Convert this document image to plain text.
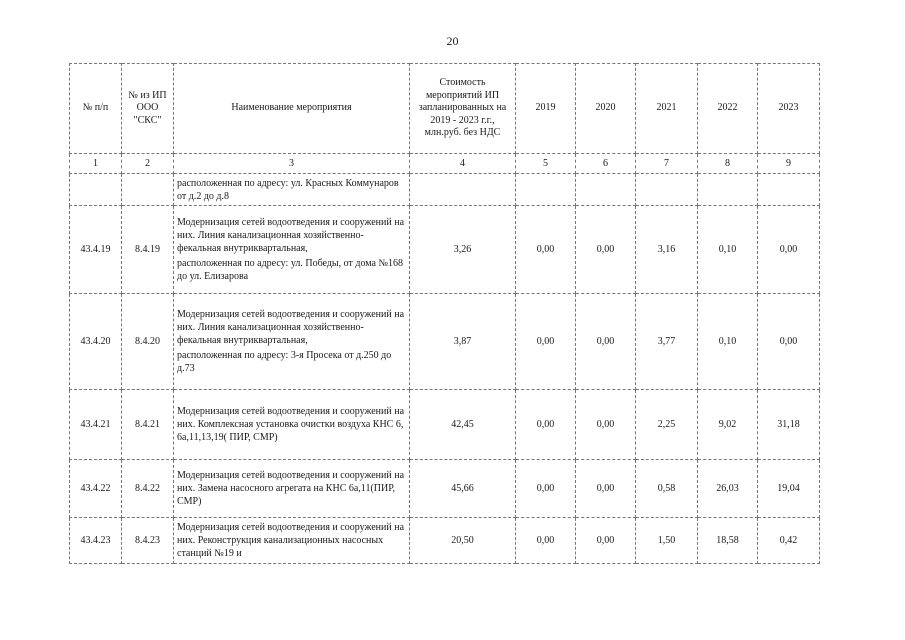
20
№ п/п	№ из ИП ООО "СКС"	Наименование мероприятия	Стоимость мероприятий ИП запланированных на 2019 - 2023 г.г., млн.руб. без НДС	2019	2020	2021	2022	2023
1	2	3	4	5	6	7	8	9
		расположенная по адресу: ул. Красных Коммунаров от д.2 до д.8						
43.4.19	8.4.19	Модернизация сетей водоотведения и сооружений на них. Линия канализационная хозяйственно-фекальная внутриквартальная,
расположенная по адресу: ул. Победы, от дома №168 до ул. Елизарова	3,26	0,00	0,00	3,16	0,10	0,00
43.4.20	8.4.20	Модернизация сетей водоотведения и сооружений на них. Линия канализационная хозяйственно-фекальная внутриквартальная,
расположенная по адресу: 3-я Просека от д.250 до д.73	3,87	0,00	0,00	3,77	0,10	0,00
43.4.21	8.4.21	Модернизация сетей водоотведения и сооружений на них. Комплексная установка очистки воздуха КНС 6, 6а,11,13,19( ПИР, СМР)	42,45	0,00	0,00	2,25	9,02	31,18
43.4.22	8.4.22	Модернизация сетей водоотведения и сооружений на них. Замена насосного агрегата на КНС 6а,11(ПИР, СМР)	45,66	0,00	0,00	0,58	26,03	19,04
43.4.23	8.4.23	Модернизация сетей водоотведения и сооружений на них. Реконструкция канализационных насосных станций №19 и	20,50	0,00	0,00	1,50	18,58	0,42
